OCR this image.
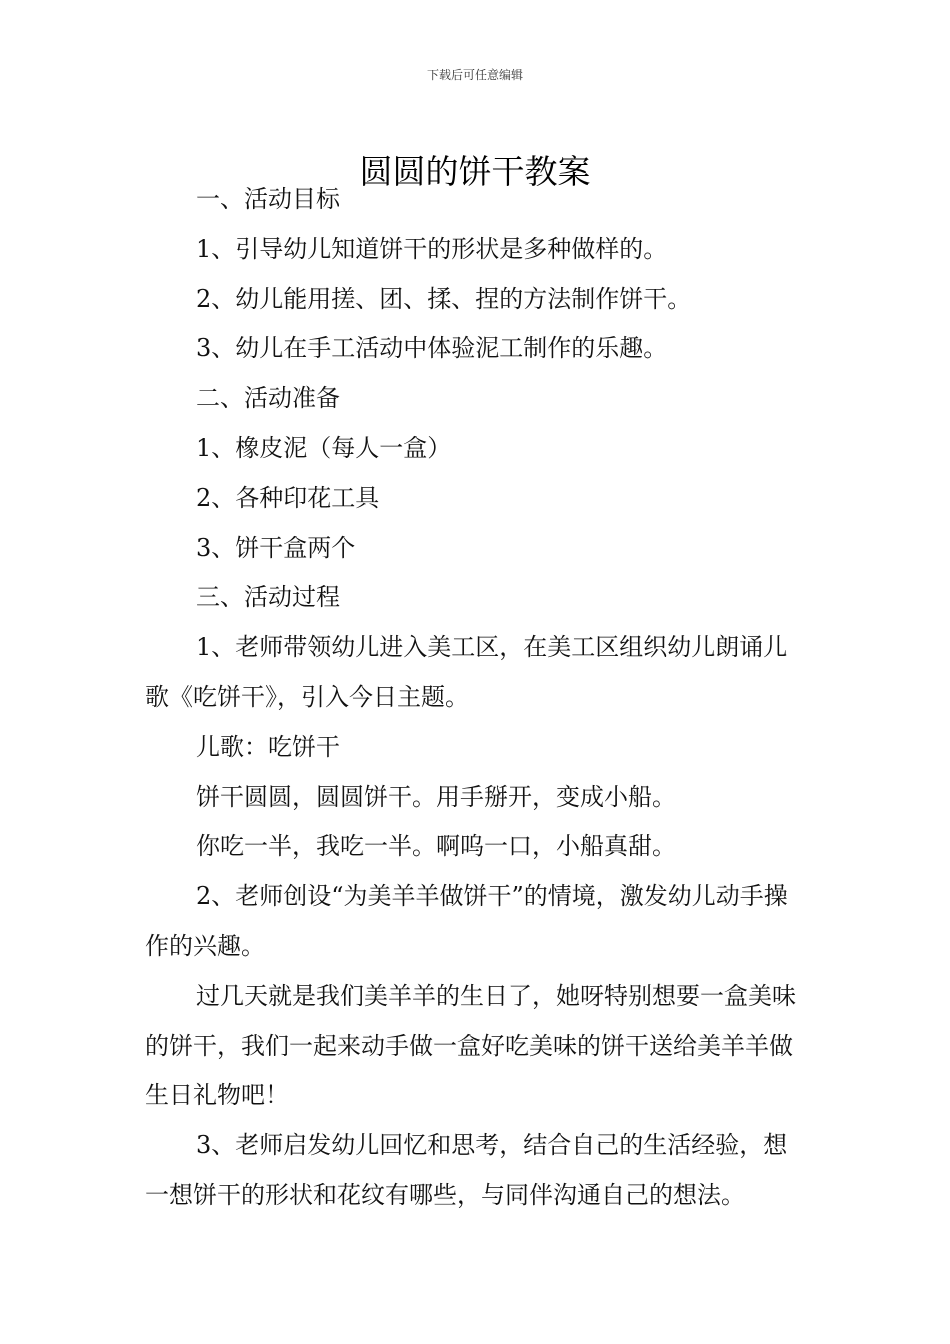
下载后可任意编辑
圆圆的饼干教案

一、活动目标

1、引导幼儿知道饼干的形状是多种做样的。

2、幼儿能用搓、团、揉、捏的方法制作饼干。

3、幼儿在手工活动中体验泥工制作的乐趣。

二、活动准备

1、橡皮泥（每人一盒）

2、各种印花工具

3、饼干盒两个

三、活动过程

1、老师带领幼儿进入美工区，在美工区组织幼儿朗诵儿歌《吃饼干》，引入今日主题。

儿歌：吃饼干

饼干圆圆，圆圆饼干。用手掰开，变成小船。

你吃一半，我吃一半。啊呜一口，小船真甜。

2、老师创设“为美羊羊做饼干”的情境，激发幼儿动手操作的兴趣。

过几天就是我们美羊羊的生日了，她呀特别想要一盒美味的饼干，我们一起来动手做一盒好吃美味的饼干送给美羊羊做生日礼物吧！

3、老师启发幼儿回忆和思考，结合自己的生活经验，想一想饼干的形状和花纹有哪些，与同伴沟通自己的想法。
